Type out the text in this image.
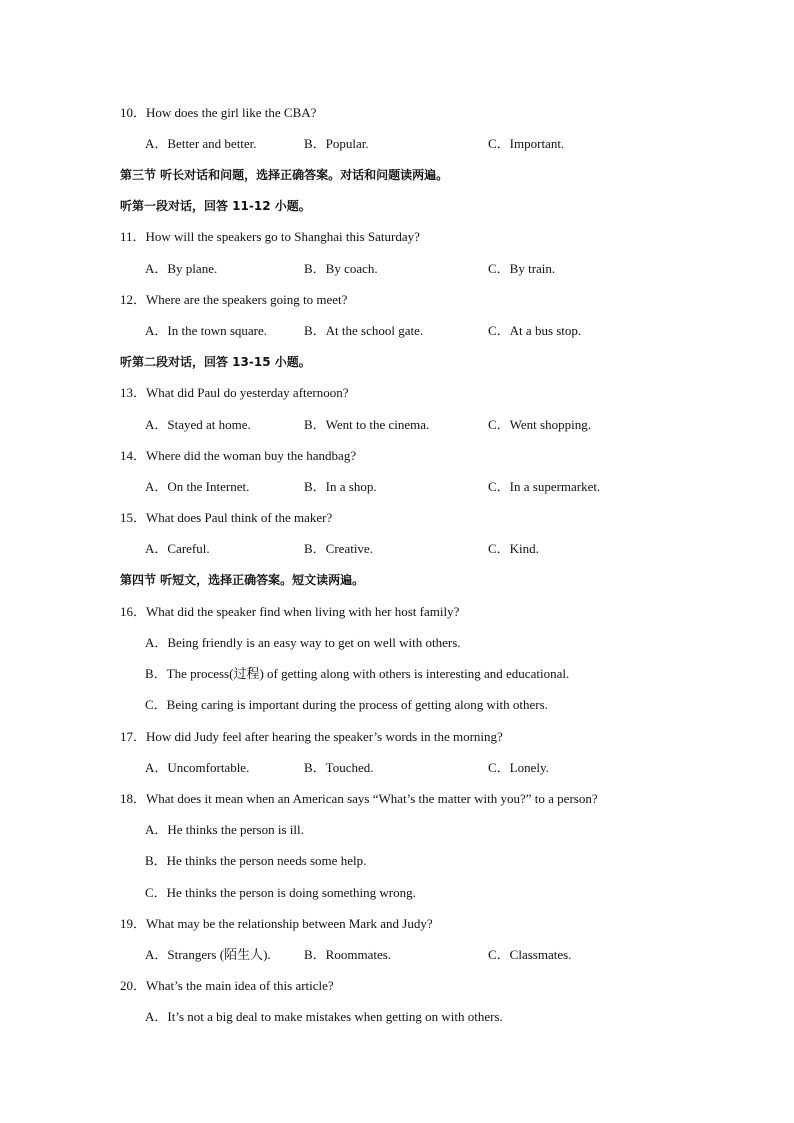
10．How does the girl like the CBA?
A．Better and better.	B．Popular.	C．Important.
第三节 听长对话和问题，选择正确答案。对话和问题读两遍。
听第一段对话，回答 11-12 小题。
11．How will the speakers go to Shanghai this Saturday?
A．By plane.	B．By coach.	C．By train.
12．Where are the speakers going to meet?
A．In the town square.	B．At the school gate.	C．At a bus stop.
听第二段对话，回答 13-15 小题。
13．What did Paul do yesterday afternoon?
A．Stayed at home.	B．Went to the cinema.	C．Went shopping.
14．Where did the woman buy the handbag?
A．On the Internet.	B．In a shop.	C．In a supermarket.
15．What does Paul think of the maker?
A．Careful.	B．Creative.	C．Kind.
第四节 听短文，选择正确答案。短文读两遍。
16．What did the speaker find when living with her host family?
A．Being friendly is an easy way to get on well with others.
B．The process(过程) of getting along with others is interesting and educational.
C．Being caring is important during the process of getting along with others.
17．How did Judy feel after hearing the speaker’s words in the morning?
A．Uncomfortable.	B．Touched.	C．Lonely.
18．What does it mean when an American says “What’s the matter with you?” to a person?
A．He thinks the person is ill.
B．He thinks the person needs some help.
C．He thinks the person is doing something wrong.
19．What may be the relationship between Mark and Judy?
A．Strangers (陌生人).	B．Roommates.	C．Classmates.
20．What’s the main idea of this article?
A．It’s not a big deal to make mistakes when getting on with others.
